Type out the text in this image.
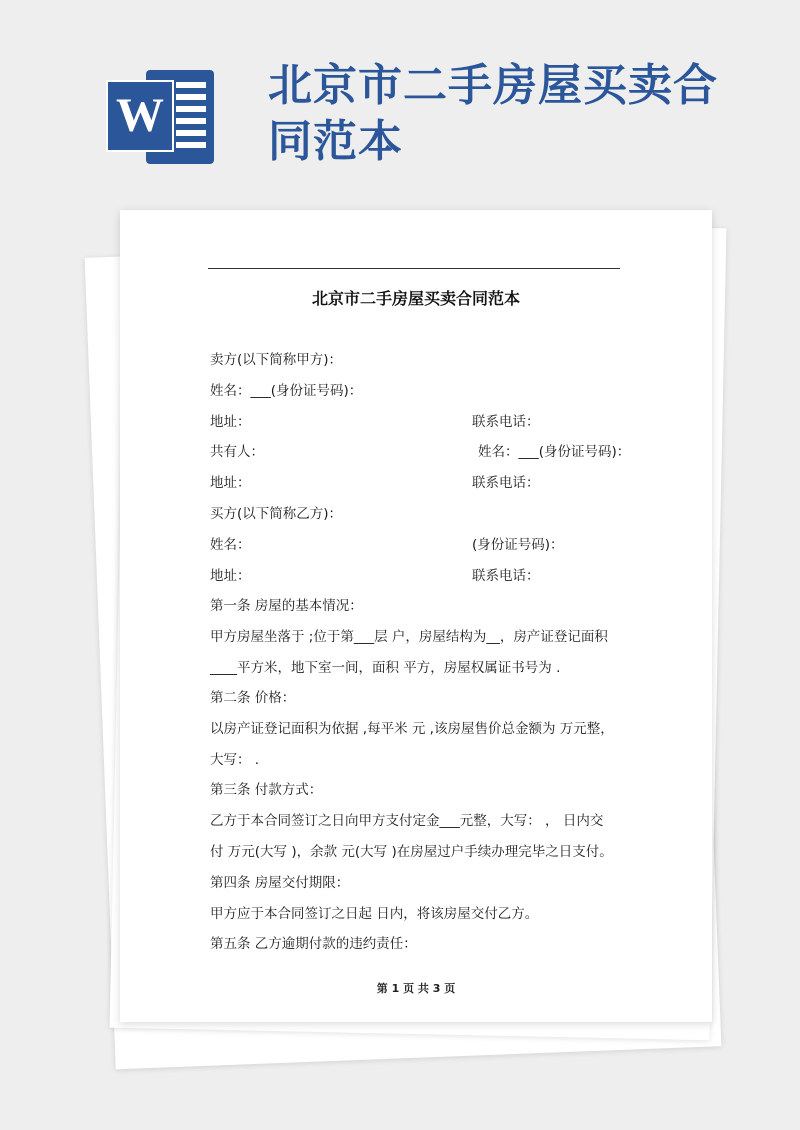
W
北京市二手房屋买卖合同范本
北京市二手房屋买卖合同范本
卖方(以下简称甲方)：
姓名：___(身份证号码)：
地址：	联系电话：
共有人：	姓名：___(身份证号码)：
地址：	联系电话：
买方(以下简称乙方)：
姓名：	(身份证号码)：
地址：	联系电话：
第一条 房屋的基本情况：
甲方房屋坐落于 ;位于第___层 户，房屋结构为__，房产证登记面积
____平方米，地下室一间，面积 平方，房屋权属证书号为 .
第二条 价格：
以房产证登记面积为依据 ,每平米 元 ,该房屋售价总金额为 万元整，
大写： .
第三条 付款方式：
乙方于本合同签订之日向甲方支付定金___元整，大写： ， 日内交
付 万元(大写 )，余款 元(大写 )在房屋过户手续办理完毕之日支付。
第四条 房屋交付期限：
甲方应于本合同签订之日起 日内，将该房屋交付乙方。
第五条 乙方逾期付款的违约责任：
第 1 页 共 3 页
